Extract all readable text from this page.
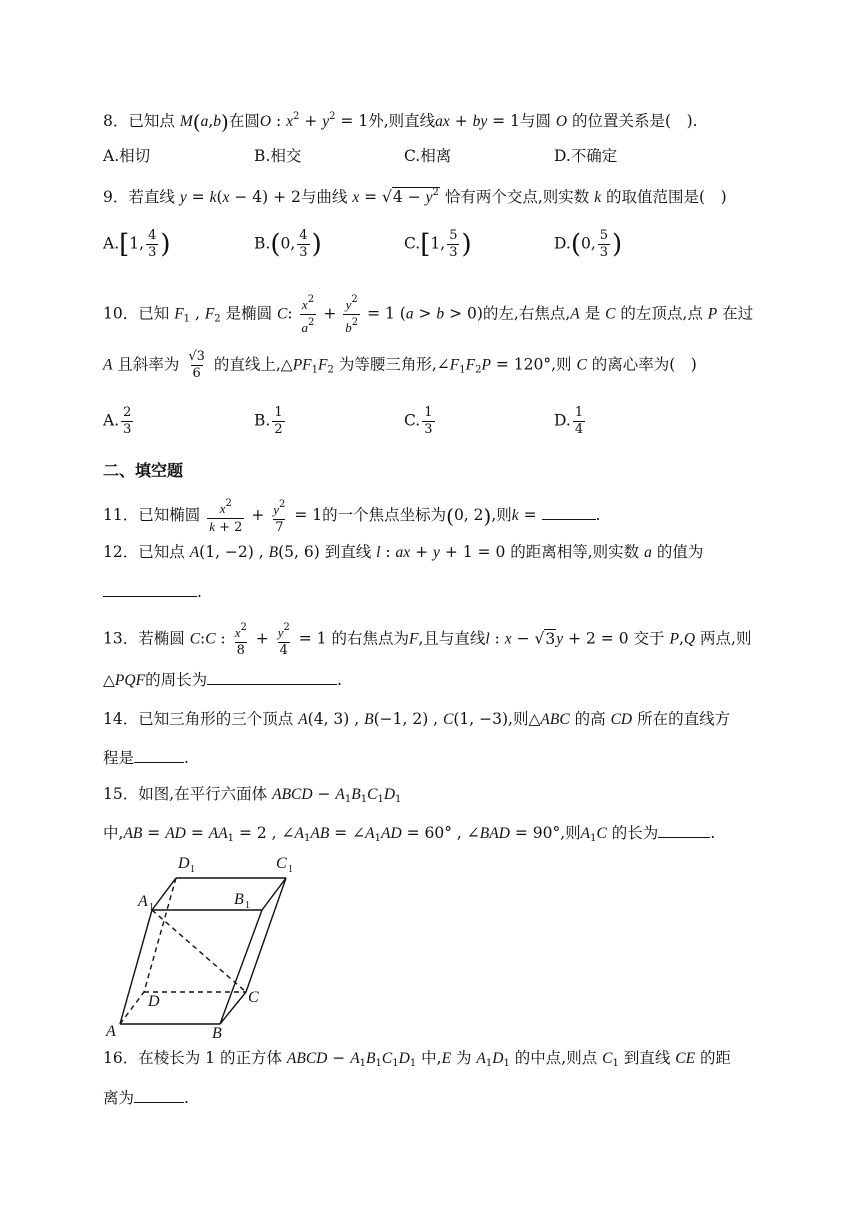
8．已知点 M(a,b)在圆O : $x^2 + y^2 = 1$外,则直线ax + by = 1与圆 O 的位置关系是(　).
A.相切	B.相交	C.相离	D.不确定
9．若直线 y = k(x − 4) + 2与曲线 $x = √4 - y^2$ 恰有两个交点,则实数 k 的取值范围是(　)
A.[1, $\frac{4}{3}$ )	B.(0, $\frac{4}{3}$ )	C.[1, $\frac{5}{3}$ )	D.(0, $\frac{5}{3}$ )
10．已知 $F_1$ , $F_2$ 是椭圆 C: $\frac{x^2}{a^2} + \frac{y^2}{b^2} = 1$ (a > b > 0)的左,右焦点,A 是 C 的左顶点,点 P 在过
A 且斜率为 $\frac{√3}{6}$ 的直线上$,\triangle PF_1F_2$ 为等腰三角形$,\angle F_1F_2P = 120^\circ$,则 C 的离心率为(　)
A. $\frac{2}{3}$	B. $\frac{1}{2}$	C. $\frac{1}{3}$	D. $\frac{1}{4}$
二、填空题
11．已知椭圆 $\frac{x^2}{k + 2} + \frac{y^2}{7} = 1$的一个焦点坐标为(0, 2),则k =	.
12．已知点 A(1, −2) , B(5, 6) 到直线 l : ax + y + 1 = 0 的距离相等,则实数 a 的值为
.
13．若椭圆 C:C : $\frac{x^2}{8} + \frac{y^2}{4} = 1$ 的右焦点为F,且与直线l : x − √3y + 2 = 0 交于 P,Q 两点,则
△PQF的周长为	.
14．已知三角形的三个顶点 A(4, 3) , B(−1, 2) , C(1, −3),则△ABC 的高 CD 所在的直线方
程是	.
15．如图,在平行六面体 ABCD − $A_1B_1C_1D_1$
中,AB = AD = $AA_1 = 2$ , $\angle A_1AB$ = $\angle A_1AD = 60^\circ$ , ∠BAD = 90°,则$A_1C$ 的长为	.
D 1	C 1
A 1	B 1
D	C
A	B
16．在棱长为 1 的正方体 ABCD − $A_1B_1C_1D_1$ 中,E 为 $A_1D_1$ 的中点,则点 $C_1$ 到直线 CE 的距
离为	.
